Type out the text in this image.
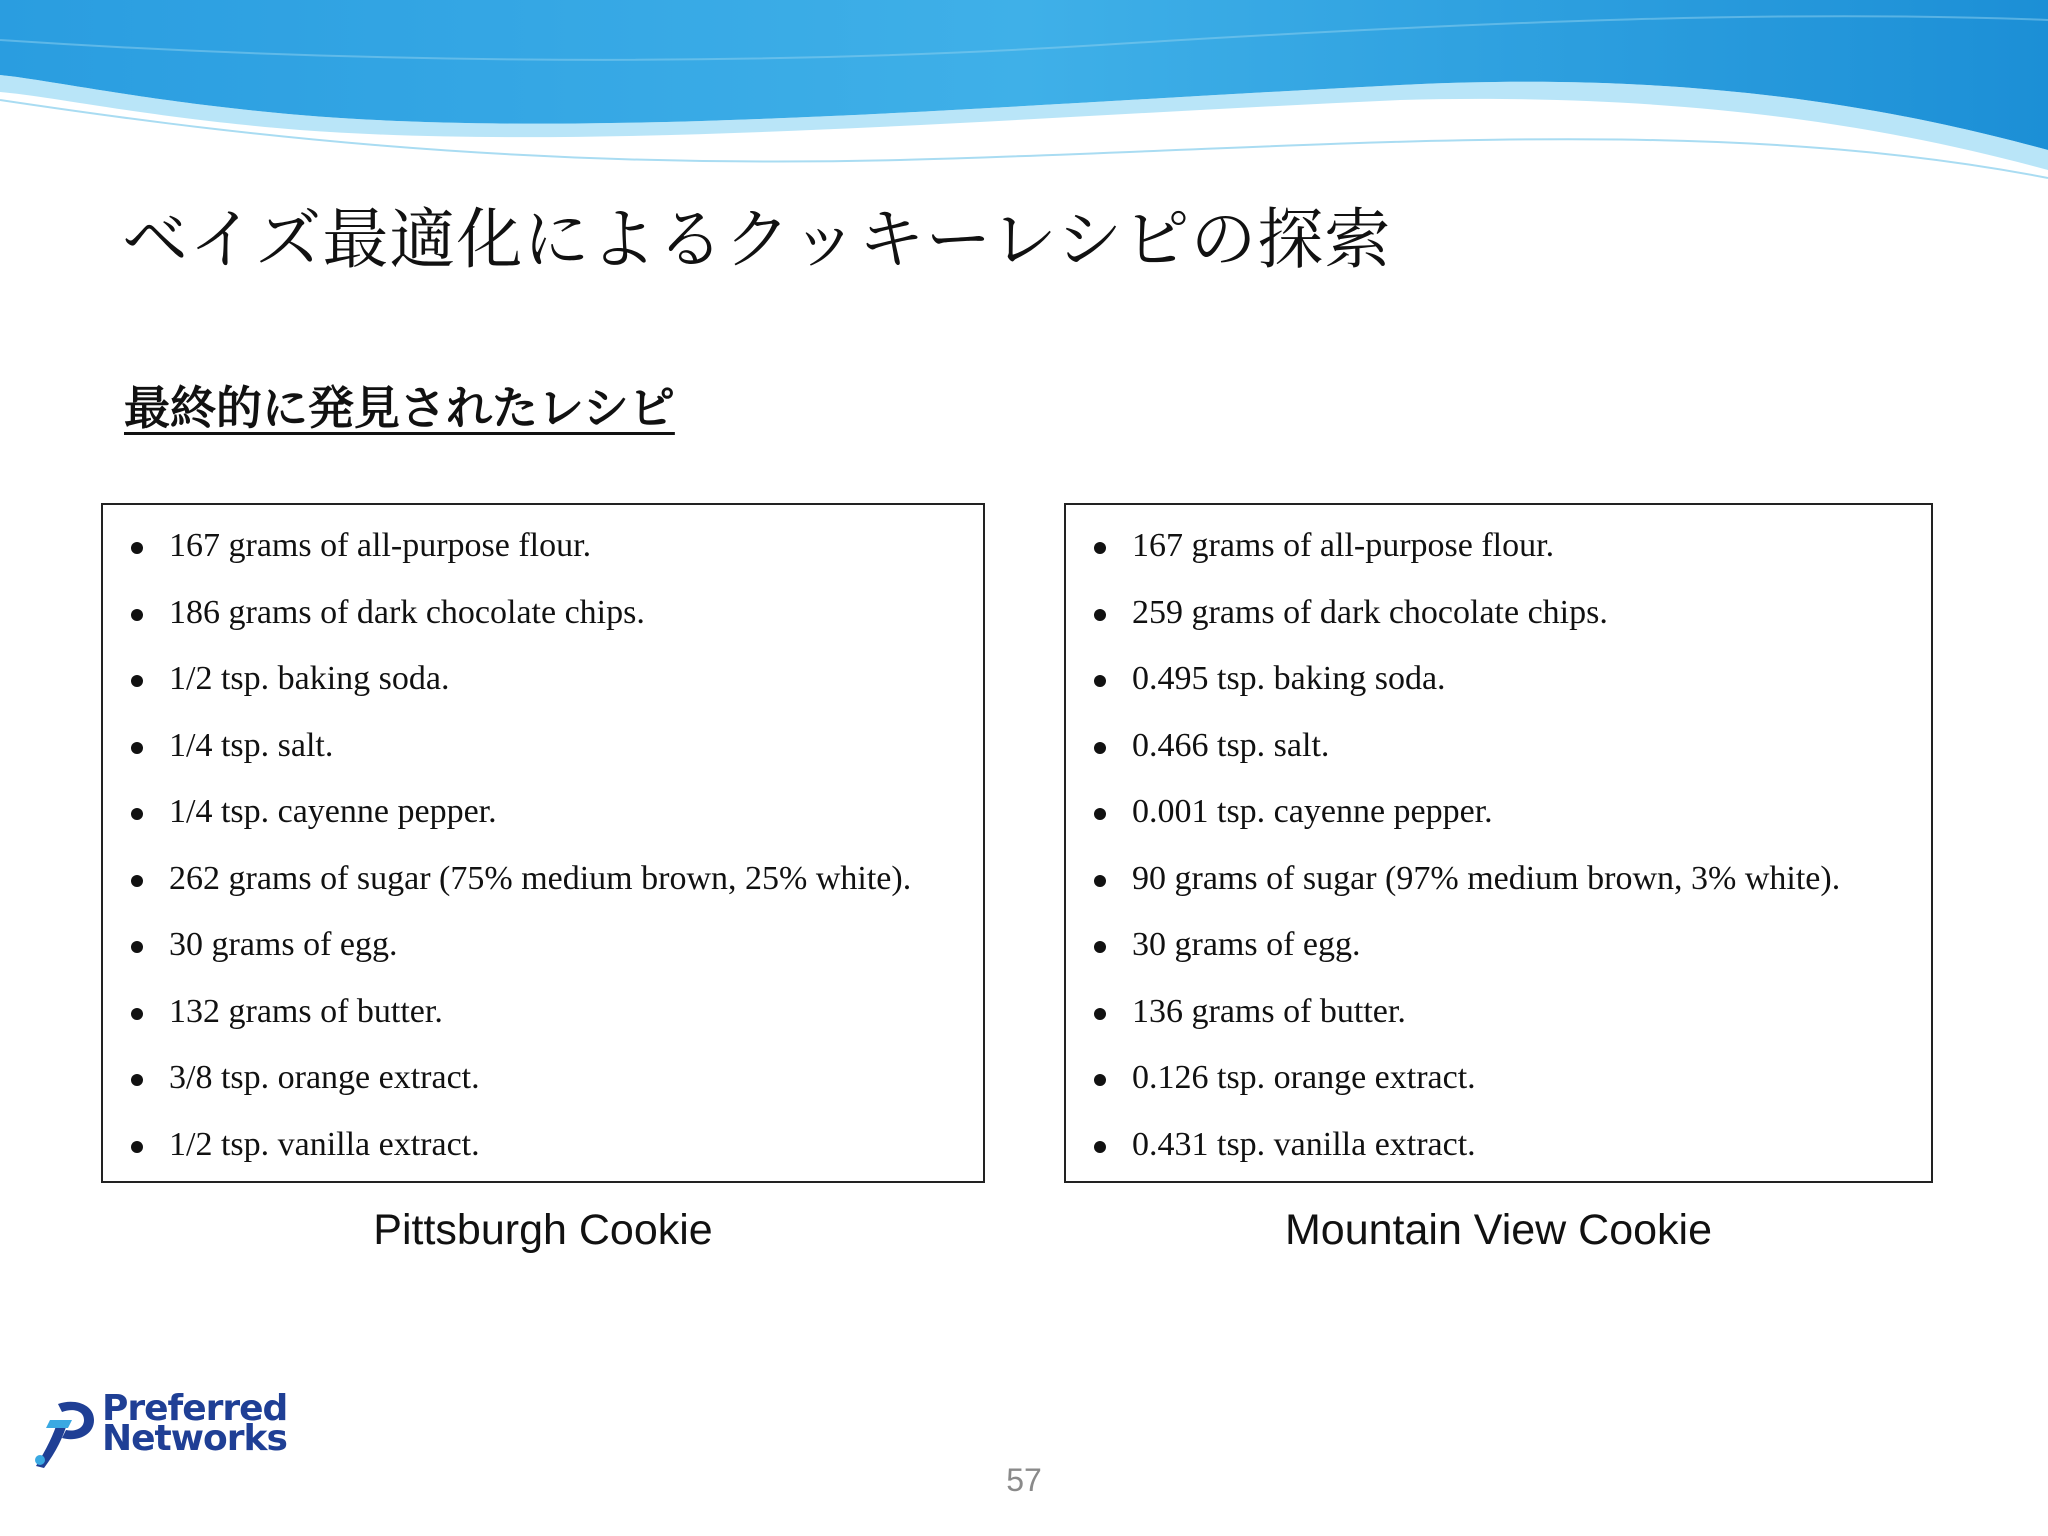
ベイズ最適化によるクッキーレシピの探索
最終的に発見されたレシピ
167 grams of all-purpose flour.
186 grams of dark chocolate chips.
1/2 tsp. baking soda.
1/4 tsp. salt.
1/4 tsp. cayenne pepper.
262 grams of sugar (75% medium brown, 25% white).
30 grams of egg.
132 grams of butter.
3/8 tsp. orange extract.
1/2 tsp. vanilla extract.
167 grams of all-purpose flour.
259 grams of dark chocolate chips.
0.495 tsp. baking soda.
0.466 tsp. salt.
0.001 tsp. cayenne pepper.
90 grams of sugar (97% medium brown, 3% white).
30 grams of egg.
136 grams of butter.
0.126 tsp. orange extract.
0.431 tsp. vanilla extract.
Pittsburgh Cookie	Mountain View Cookie
Preferred
Networks
57
